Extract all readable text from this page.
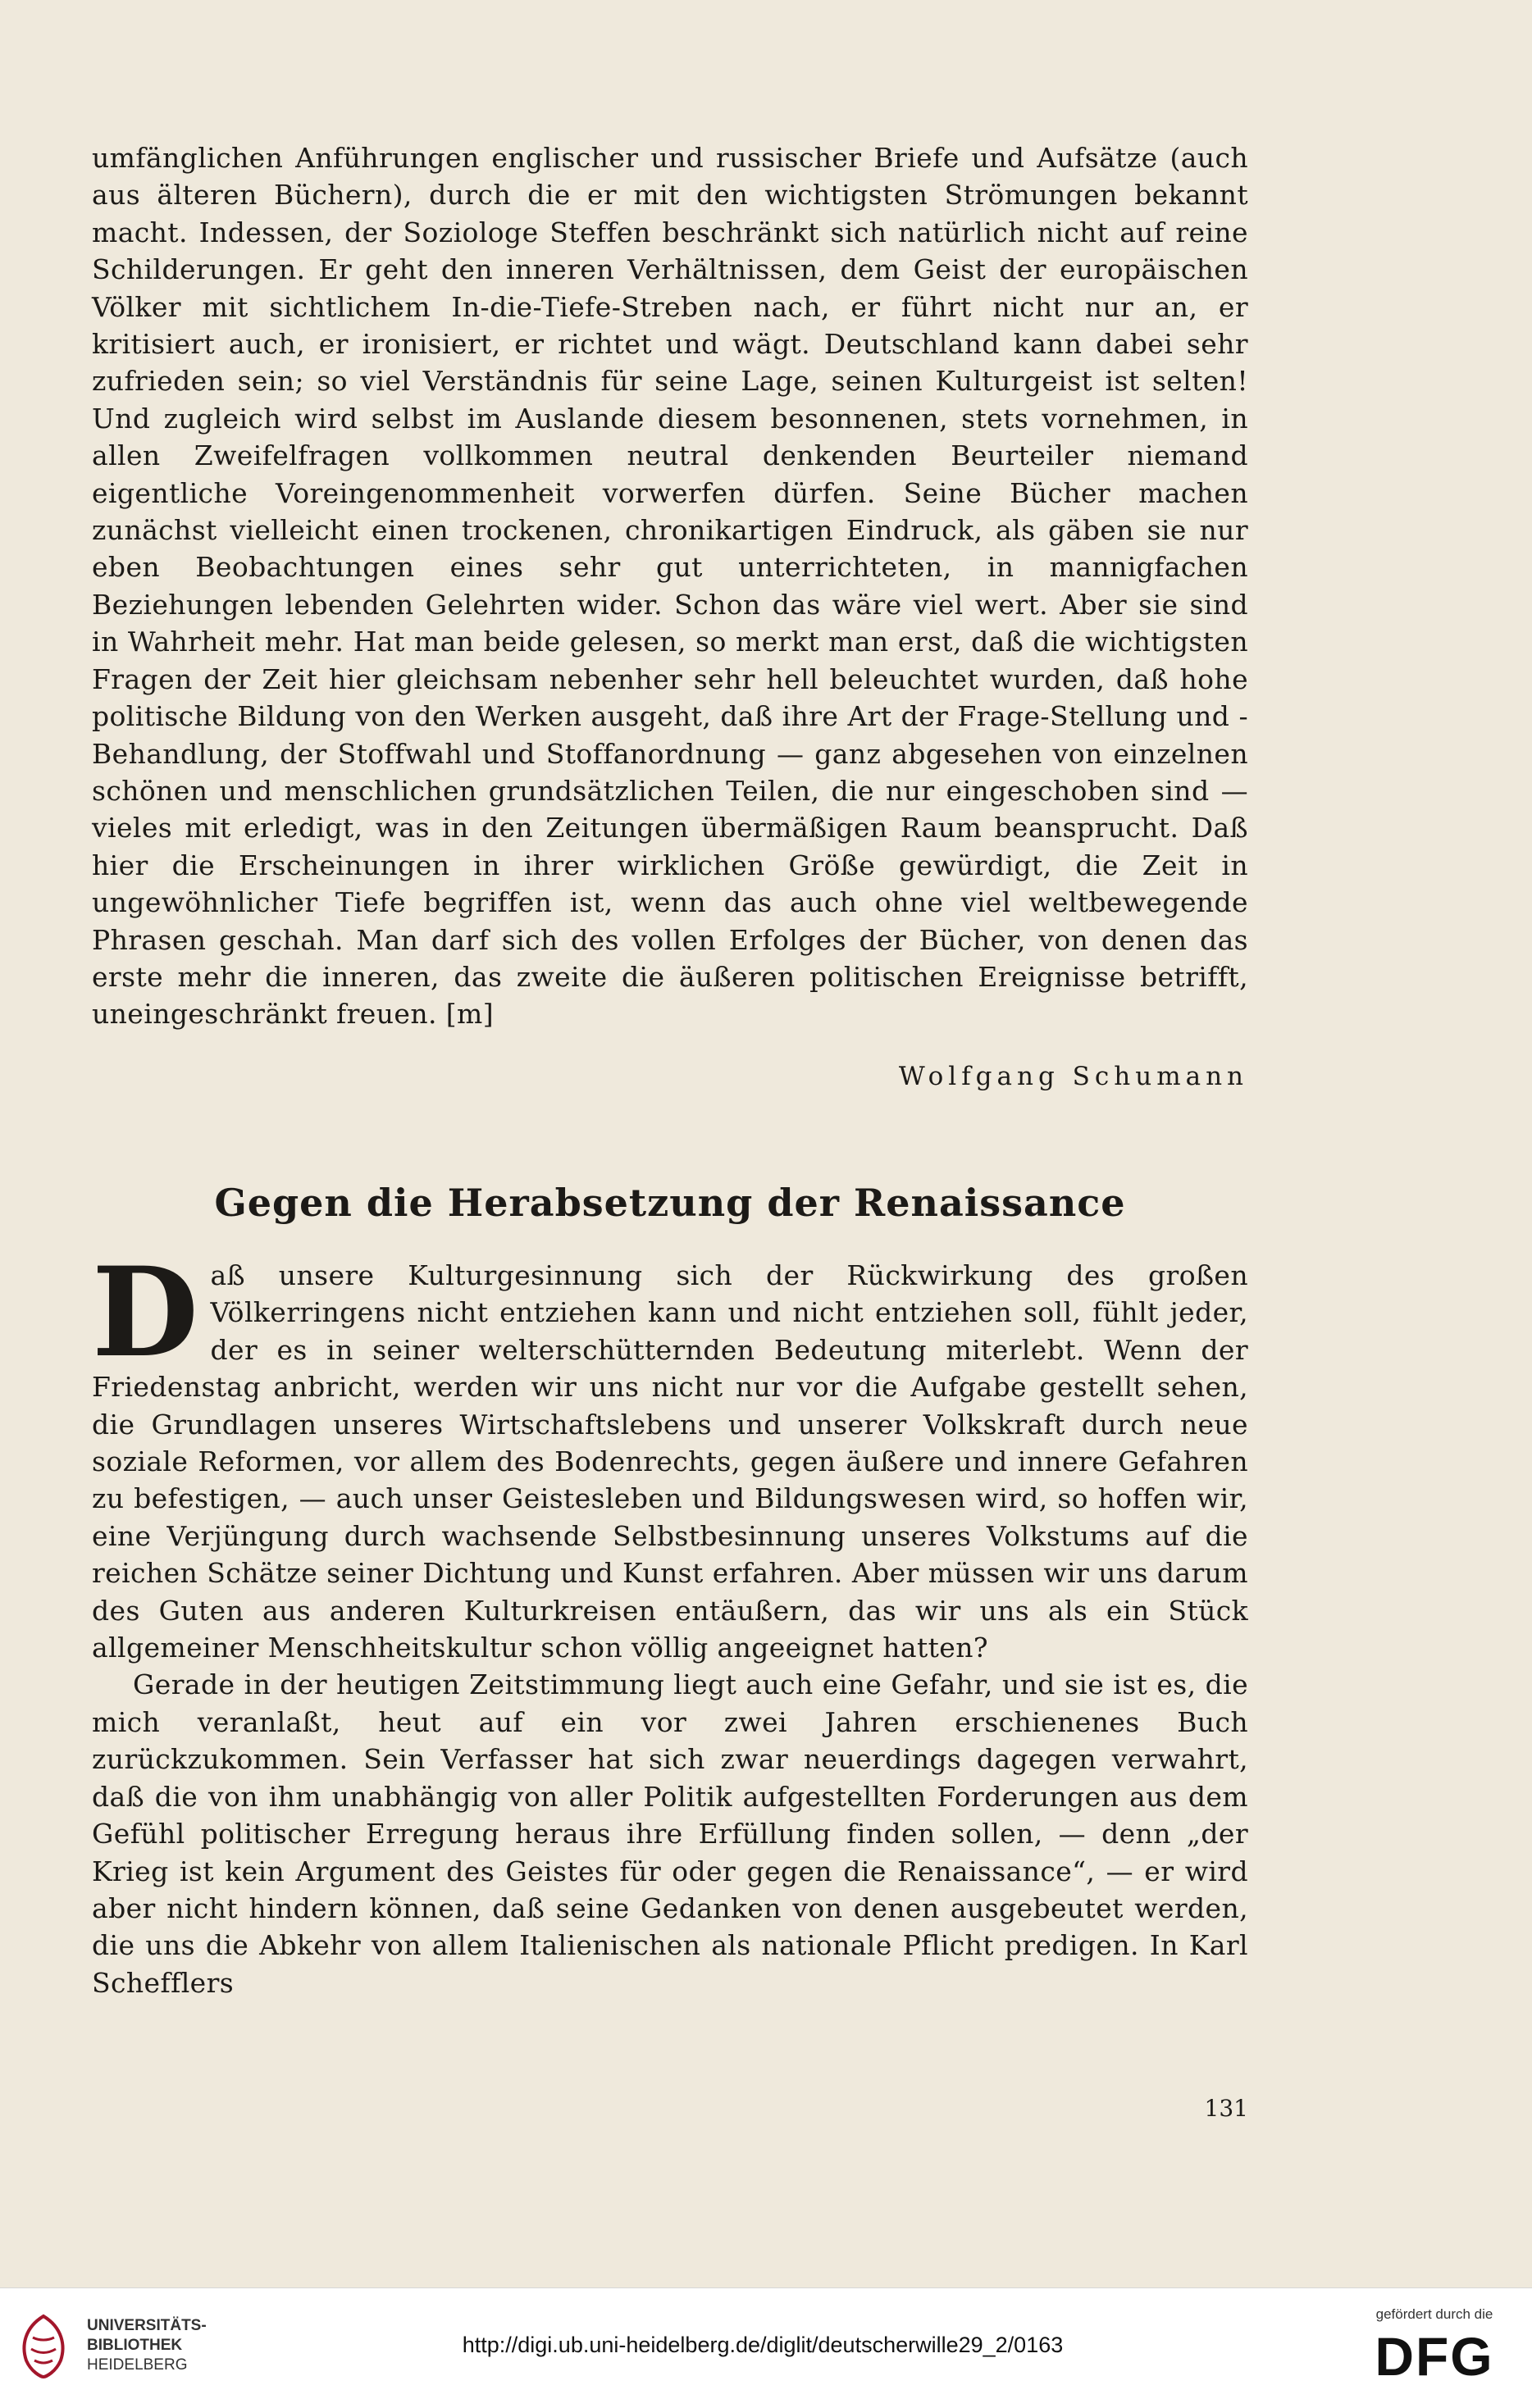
umfänglichen Anführungen englischer und russischer Briefe und Aufsätze (auch aus älteren Büchern), durch die er mit den wichtigsten Strömungen bekannt macht. Indessen, der Soziologe Steffen beschränkt sich natürlich nicht auf reine Schilderungen. Er geht den inneren Verhältnissen, dem Geist der europäischen Völker mit sichtlichem In-die-Tiefe-Streben nach, er führt nicht nur an, er kritisiert auch, er ironisiert, er richtet und wägt. Deutschland kann dabei sehr zufrieden sein; so viel Verständnis für seine Lage, seinen Kulturgeist ist selten! Und zugleich wird selbst im Auslande diesem besonnenen, stets vornehmen, in allen Zweifelfragen vollkommen neutral denkenden Beurteiler niemand eigentliche Voreingenommenheit vorwerfen dürfen. Seine Bücher machen zunächst vielleicht einen trockenen, chronikartigen Eindruck, als gäben sie nur eben Beobachtungen eines sehr gut unterrichteten, in mannigfachen Beziehungen lebenden Gelehrten wider. Schon das wäre viel wert. Aber sie sind in Wahrheit mehr. Hat man beide gelesen, so merkt man erst, daß die wichtigsten Fragen der Zeit hier gleichsam nebenher sehr hell beleuchtet wurden, daß hohe politische Bildung von den Werken ausgeht, daß ihre Art der Frage-Stellung und -Behandlung, der Stoffwahl und Stoffanordnung — ganz abgesehen von einzelnen schönen und menschlichen grundsätzlichen Teilen, die nur eingeschoben sind — vieles mit erledigt, was in den Zeitungen übermäßigen Raum beansprucht. Daß hier die Erscheinungen in ihrer wirklichen Größe gewürdigt, die Zeit in ungewöhnlicher Tiefe begriffen ist, wenn das auch ohne viel weltbewegende Phrasen geschah. Man darf sich des vollen Erfolges der Bücher, von denen das erste mehr die inneren, das zweite die äußeren politischen Ereignisse betrifft, uneingeschränkt freuen. [m]

Wolfgang Schumann
Gegen die Herabsetzung der Renaissance

Daß unsere Kulturgesinnung sich der Rückwirkung des großen Völkerringens nicht entziehen kann und nicht entziehen soll, fühlt jeder, der es in seiner welterschütternden Bedeutung miterlebt. Wenn der Friedenstag anbricht, werden wir uns nicht nur vor die Aufgabe gestellt sehen, die Grundlagen unseres Wirtschaftslebens und unserer Volkskraft durch neue soziale Reformen, vor allem des Bodenrechts, gegen äußere und innere Gefahren zu befestigen, — auch unser Geistesleben und Bildungswesen wird, so hoffen wir, eine Verjüngung durch wachsende Selbstbesinnung unseres Volkstums auf die reichen Schätze seiner Dichtung und Kunst erfahren. Aber müssen wir uns darum des Guten aus anderen Kulturkreisen entäußern, das wir uns als ein Stück allgemeiner Menschheitskultur schon völlig angeeignet hatten?

Gerade in der heutigen Zeitstimmung liegt auch eine Gefahr, und sie ist es, die mich veranlaßt, heut auf ein vor zwei Jahren erschienenes Buch zurückzukommen. Sein Verfasser hat sich zwar neuerdings dagegen verwahrt, daß die von ihm unabhängig von aller Politik aufgestellten Forderungen aus dem Gefühl politischer Erregung heraus ihre Erfüllung finden sollen, — denn „der Krieg ist kein Argument des Geistes für oder gegen die Renaissance“, — er wird aber nicht hindern können, daß seine Gedanken von denen ausgebeutet werden, die uns die Abkehr von allem Italienischen als nationale Pflicht predigen. In Karl Schefflers

131
UNIVERSITÄTS-
BIBLIOTHEK
HEIDELBERG
http://digi.ub.uni-heidelberg.de/diglit/deutscherwille29_2/0163
gefördert durch die
DFG
